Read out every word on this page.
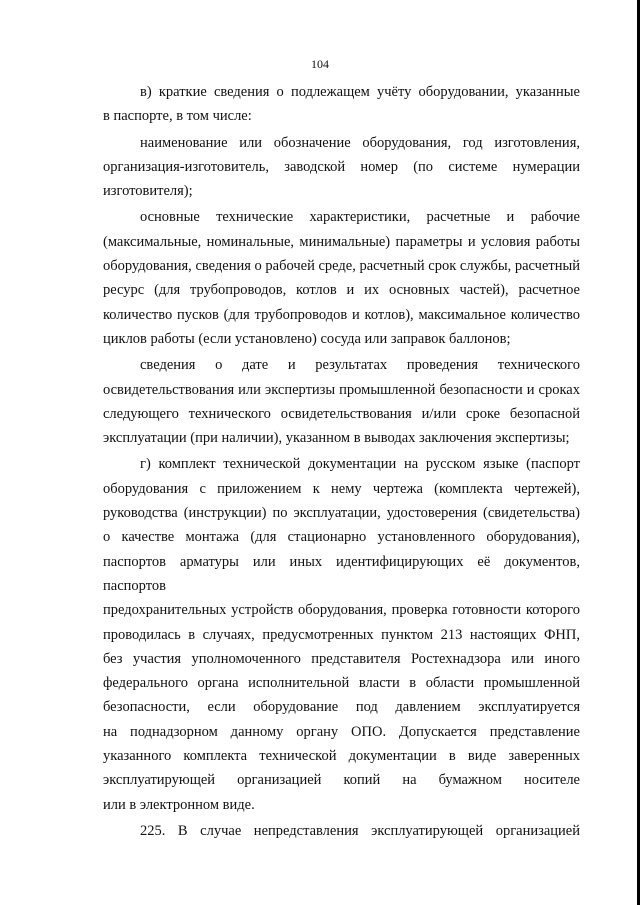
104
в) краткие сведения о подлежащем учёту оборудовании, указанные
в паспорте, в том числе:
наименование или обозначение оборудования, год изготовления,
организация-изготовитель, заводской номер (по системе нумерации
изготовителя);
основные технические характеристики, расчетные и рабочие
(максимальные, номинальные, минимальные) параметры и условия работы
оборудования, сведения о рабочей среде, расчетный срок службы, расчетный
ресурс (для трубопроводов, котлов и их основных частей), расчетное
количество пусков (для трубопроводов и котлов), максимальное количество
циклов работы (если установлено) сосуда или заправок баллонов;
сведения о дате и результатах проведения технического
освидетельствования или экспертизы промышленной безопасности и сроках
следующего технического освидетельствования и/или сроке безопасной
эксплуатации (при наличии), указанном в выводах заключения экспертизы;
г) комплект технической документации на русском языке (паспорт
оборудования с приложением к нему чертежа (комплекта чертежей),
руководства (инструкции) по эксплуатации, удостоверения (свидетельства)
о качестве монтажа (для стационарно установленного оборудования),
паспортов арматуры или иных идентифицирующих её документов, паспортов
предохранительных устройств оборудования, проверка готовности которого
проводилась в случаях, предусмотренных пунктом 213 настоящих ФНП,
без участия уполномоченного представителя Ростехнадзора или иного
федерального органа исполнительной власти в области промышленной
безопасности, если оборудование под давлением эксплуатируется
на поднадзорном данному органу ОПО. Допускается представление
указанного комплекта технической документации в виде заверенных
эксплуатирующей организацией копий на бумажном носителе
или в электронном виде.
225. В случае непредставления эксплуатирующей организацией
